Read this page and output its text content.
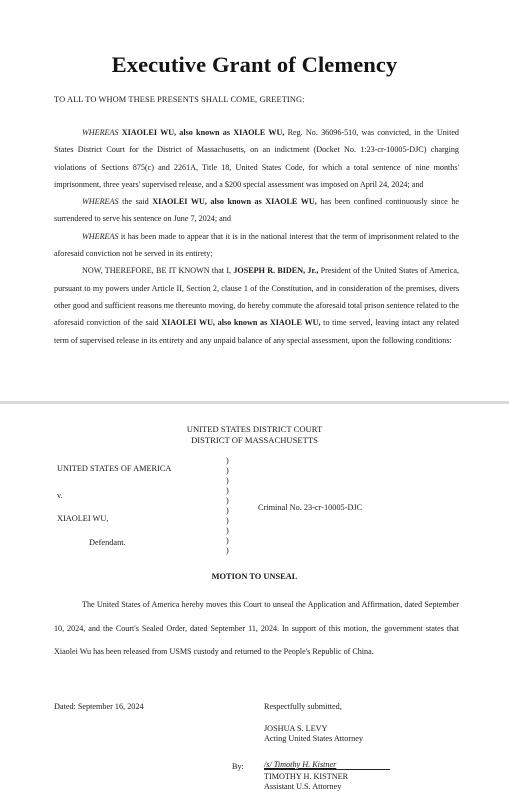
Executive Grant of Clemency
TO ALL TO WHOM THESE PRESENTS SHALL COME, GREETING:

WHEREAS XIAOLEI WU, also known as XIAOLE WU, Reg. No. 36096-510, was convicted, in the United States District Court for the District of Massachusetts, on an indictment (Docket No. 1:23-cr-10005-DJC) charging violations of Sections 875(c) and 2261A, Title 18, United States Code, for which a total sentence of nine months' imprisonment, three years' supervised release, and a $200 special assessment was imposed on April 24, 2024; and

WHEREAS the said XIAOLEI WU, also known as XIAOLE WU, has been confined continuously since he surrendered to serve his sentence on June 7, 2024; and

WHEREAS it has been made to appear that it is in the national interest that the term of imprisonment related to the aforesaid conviction not be served in its entirety;

NOW, THEREFORE, BE IT KNOWN that I, JOSEPH R. BIDEN, Jr., President of the United States of America, pursuant to my powers under Article II, Section 2, clause 1 of the Constitution, and in consideration of the premises, divers other good and sufficient reasons me thereunto moving, do hereby commute the aforesaid total prison sentence related to the aforesaid conviction of the said XIAOLEI WU, also known as XIAOLE WU, to time served, leaving intact any related term of supervised release in its entirety and any unpaid balance of any special assessment, upon the following conditions:

UNITED STATES DISTRICT COURT
DISTRICT OF MASSACHUSETTS
UNITED STATES OF AMERICA
v.
XIAOLEI WU,
Defendant.
)
)
)
)
)
)
)
)
)
)
Criminal No. 23-cr-10005-DJC
MOTION TO UNSEAL

The United States of America hereby moves this Court to unseal the Application and Affirmation, dated September 10, 2024, and the Court's Sealed Order, dated September 11, 2024. In support of this motion, the government states that Xiaolei Wu has been released from USMS custody and returned to the People's Republic of China.

Dated: September 16, 2024	Respectfully submitted,
JOSHUA S. LEVY
Acting United States Attorney
By: /s/ Timothy H. Kistner
TIMOTHY H. KISTNER
Assistant U.S. Attorney
